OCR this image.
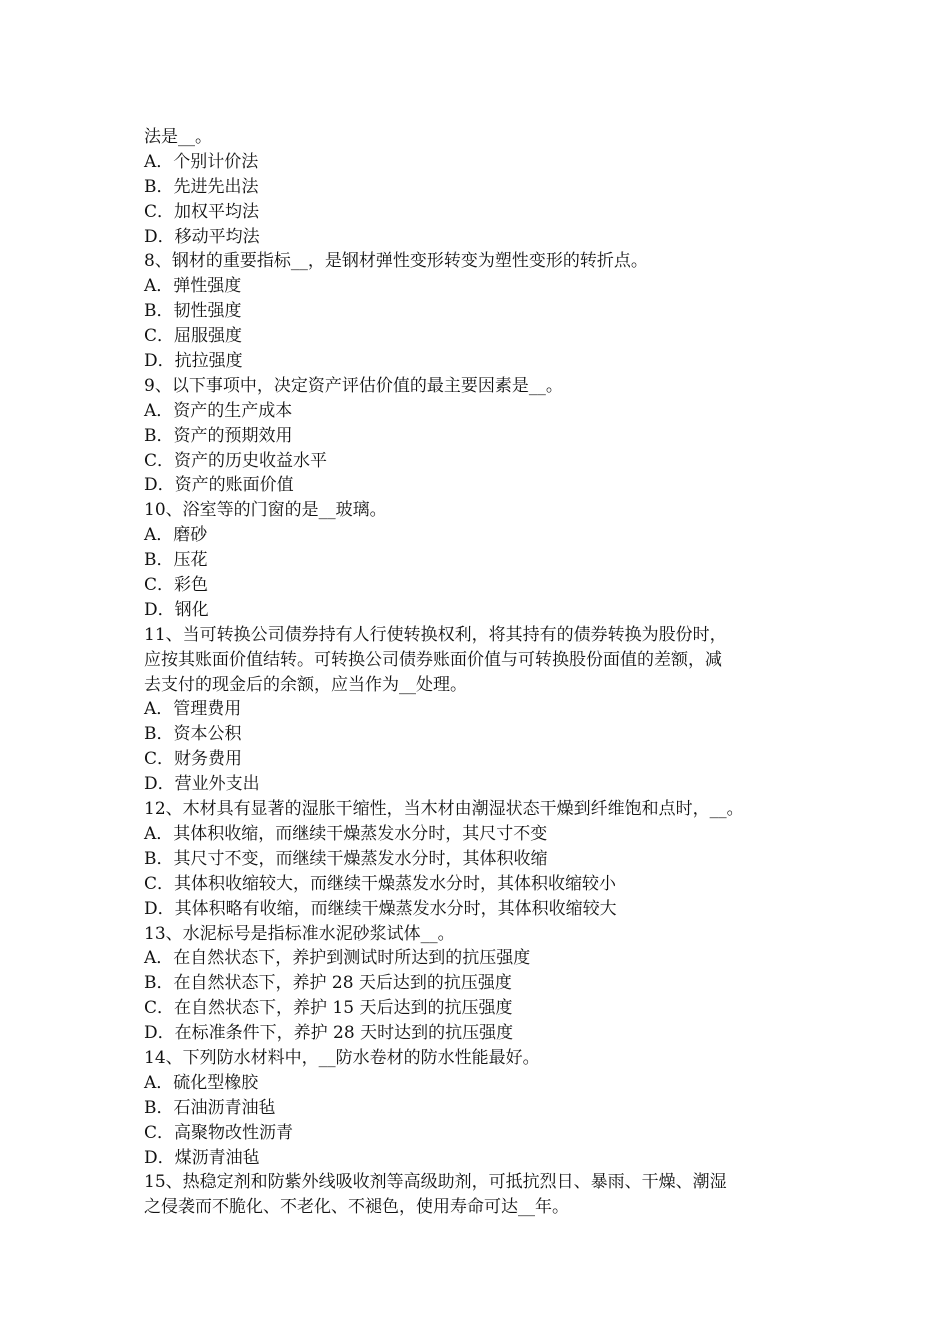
法是__。
A．个别计价法
B．先进先出法
C．加权平均法
D．移动平均法
8、钢材的重要指标__，是钢材弹性变形转变为塑性变形的转折点。
A．弹性强度
B．韧性强度
C．屈服强度
D．抗拉强度
9、以下事项中，决定资产评估价值的最主要因素是__。
A．资产的生产成本
B．资产的预期效用
C．资产的历史收益水平
D．资产的账面价值
10、浴室等的门窗的是__玻璃。
A．磨砂
B．压花
C．彩色
D．钢化
11、当可转换公司债券持有人行使转换权利，将其持有的债券转换为股份时，
应按其账面价值结转。可转换公司债券账面价值与可转换股份面值的差额，减
去支付的现金后的余额，应当作为__处理。
A．管理费用
B．资本公积
C．财务费用
D．营业外支出
12、木材具有显著的湿胀干缩性，当木材由潮湿状态干燥到纤维饱和点时，__。
A．其体积收缩，而继续干燥蒸发水分时，其尺寸不变
B．其尺寸不变，而继续干燥蒸发水分时，其体积收缩
C．其体积收缩较大，而继续干燥蒸发水分时，其体积收缩较小
D．其体积略有收缩，而继续干燥蒸发水分时，其体积收缩较大
13、水泥标号是指标准水泥砂浆试体__。
A．在自然状态下，养护到测试时所达到的抗压强度
B．在自然状态下，养护 28 天后达到的抗压强度
C．在自然状态下，养护 15 天后达到的抗压强度
D．在标准条件下，养护 28 天时达到的抗压强度
14、下列防水材料中，__防水卷材的防水性能最好。
A．硫化型橡胶
B．石油沥青油毡
C．高聚物改性沥青
D．煤沥青油毡
15、热稳定剂和防紫外线吸收剂等高级助剂，可抵抗烈日、暴雨、干燥、潮湿
之侵袭而不脆化、不老化、不褪色，使用寿命可达__年。
